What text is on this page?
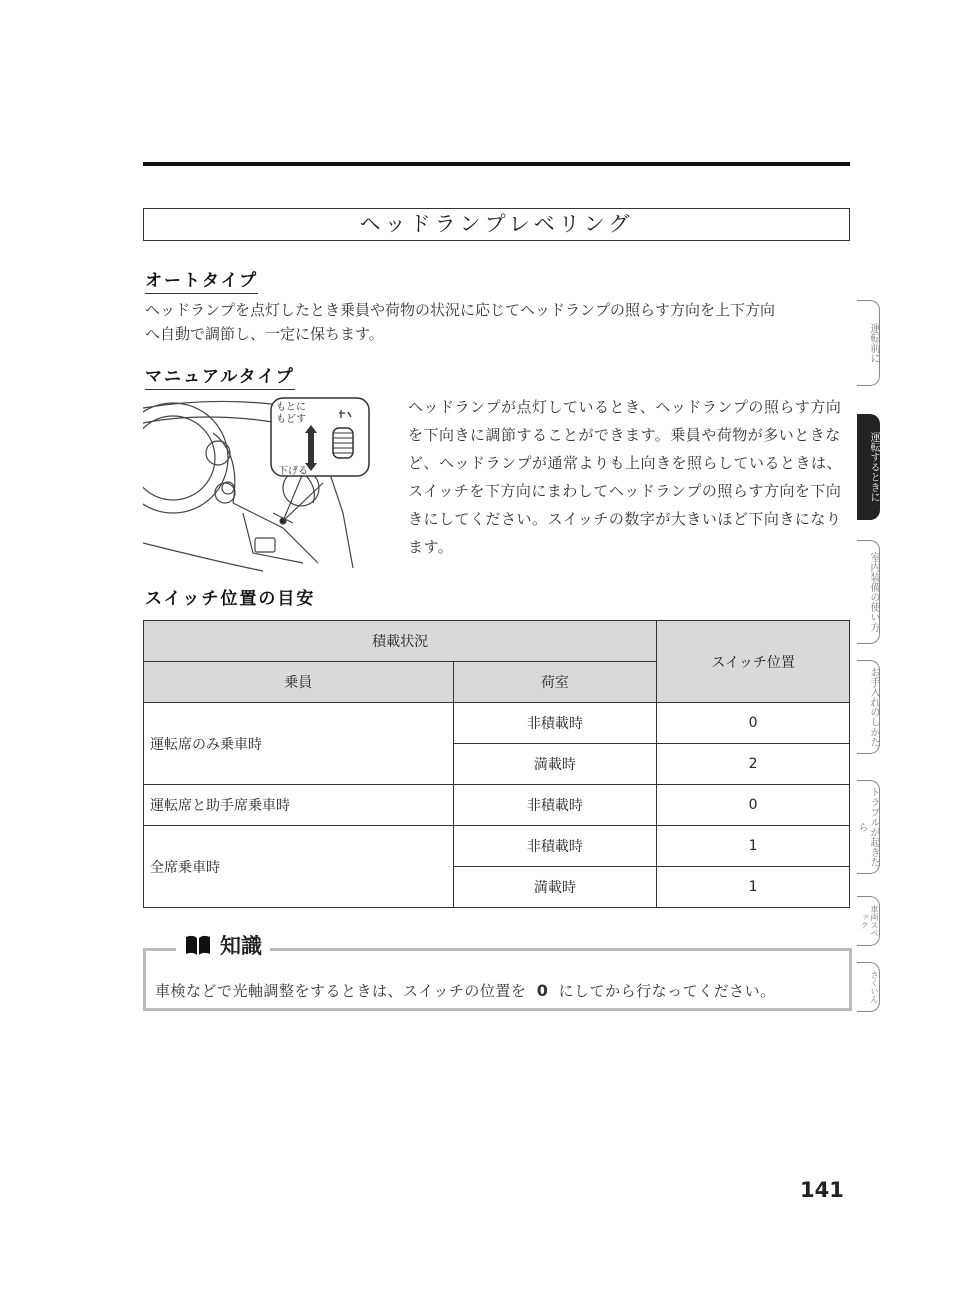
ヘッドランプレベリング
オートタイプ
ヘッドランプを点灯したとき乗員や荷物の状況に応じてヘッドランプの照らす方向を上下方向
へ自動で調節し、一定に保ちます。
マニュアルタイプ
もとに もどす
下げる
ヘッドランプが点灯しているとき、ヘッドランプの照らす方向を下向きに調節することができます。乗員や荷物が多いときなど、ヘッドランプが通常よりも上向きを照らしているときは、スイッチを下方向にまわしてヘッドランプの照らす方向を下向きにしてください。スイッチの数字が大きいほど下向きになります。
スイッチ位置の目安
積載状況		スイッチ位置
乗員	荷室	
運転席のみ乗車時	非積載時	0
	満載時	2
運転席と助手席乗車時	非積載時	0
全席乗車時	非積載時	1
	満載時	1
知識
車検などで光軸調整をするときは、スイッチの位置を 0 にしてから行なってください。
運転前に
運転するときに
室内装備の使い方
お手入れのしかた
トラブルが起きたら
車両スペック
さくいん
141
